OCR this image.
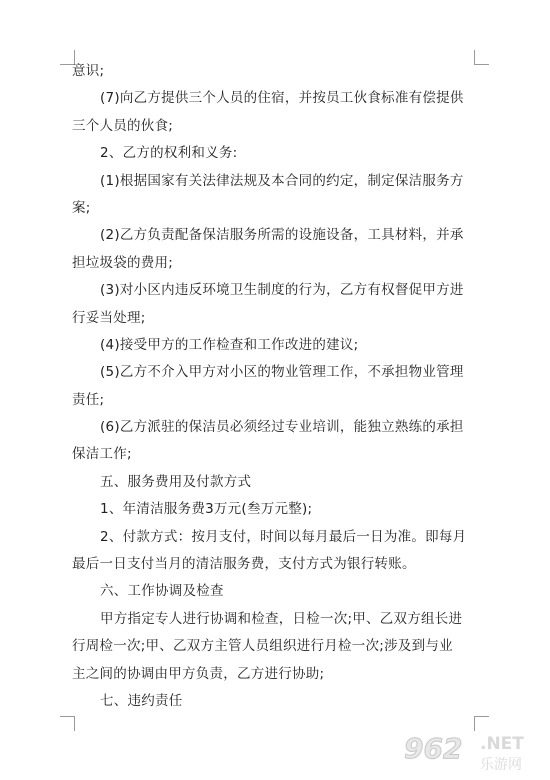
意识;
(7)向乙方提供三个人员的住宿，并按员工伙食标准有偿提供
三个人员的伙食;
2、乙方的权利和义务:
(1)根据国家有关法律法规及本合同的约定，制定保洁服务方
案;
(2)乙方负责配备保洁服务所需的设施设备，工具材料，并承
担垃圾袋的费用;
(3)对小区内违反环境卫生制度的行为，乙方有权督促甲方进
行妥当处理;
(4)接受甲方的工作检查和工作改进的建议;
(5)乙方不介入甲方对小区的物业管理工作，不承担物业管理
责任;
(6)乙方派驻的保洁员必须经过专业培训，能独立熟练的承担
保洁工作;
五、服务费用及付款方式
1、年清洁服务费3万元(叁万元整);
2、付款方式：按月支付，时间以每月最后一日为准。即每月
最后一日支付当月的清洁服务费，支付方式为银行转账。
六、工作协调及检查
甲方指定专人进行协调和检查，日检一次;甲、乙双方组长进
行周检一次;甲、乙双方主管人员组织进行月检一次;涉及到与业
主之间的协调由甲方负责，乙方进行协助;
七、违约责任
962 .NET
乐游网
